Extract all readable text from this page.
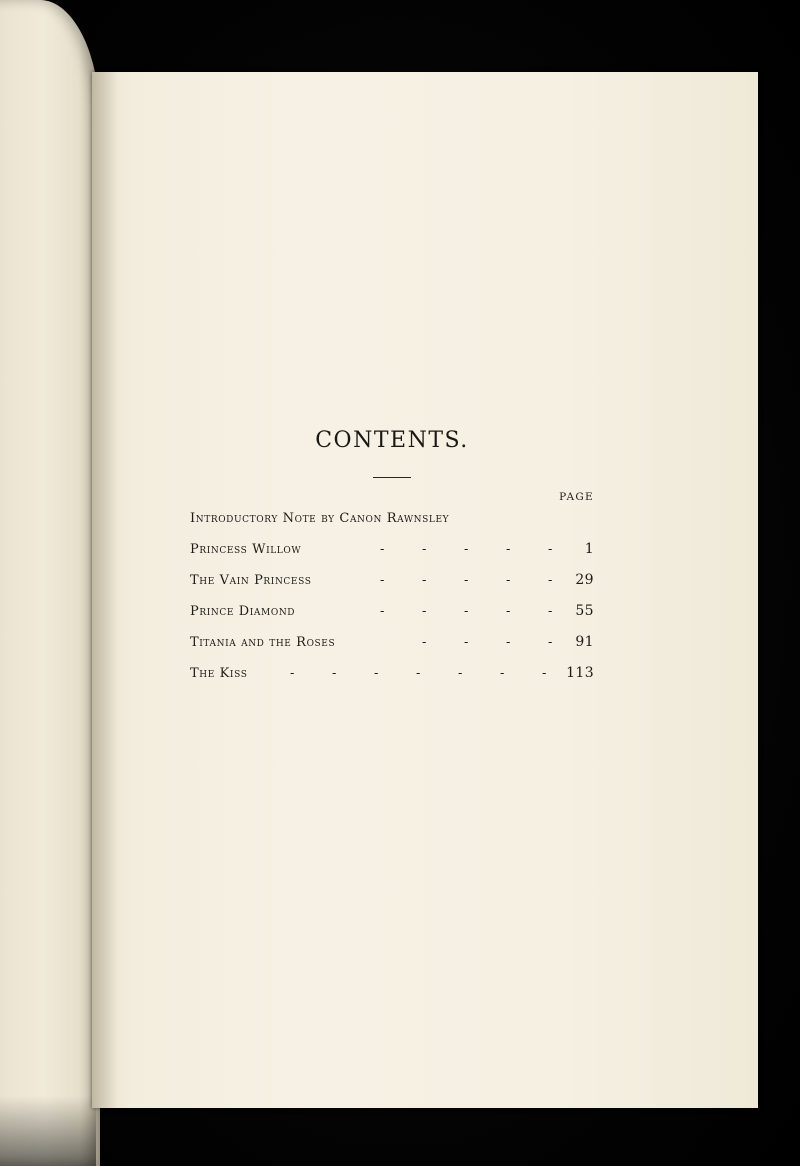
CONTENTS.
PAGE
Introductory Note by Canon Rawnsley
Princess Willow	-	-	-	-	-	1
The Vain Princess	-	-	-	-	-	29
Prince Diamond	-	-	-	-	-	55
Titania and the Roses	-	-	-	-	91
The Kiss	-	-	-	-	-	-	-	113
